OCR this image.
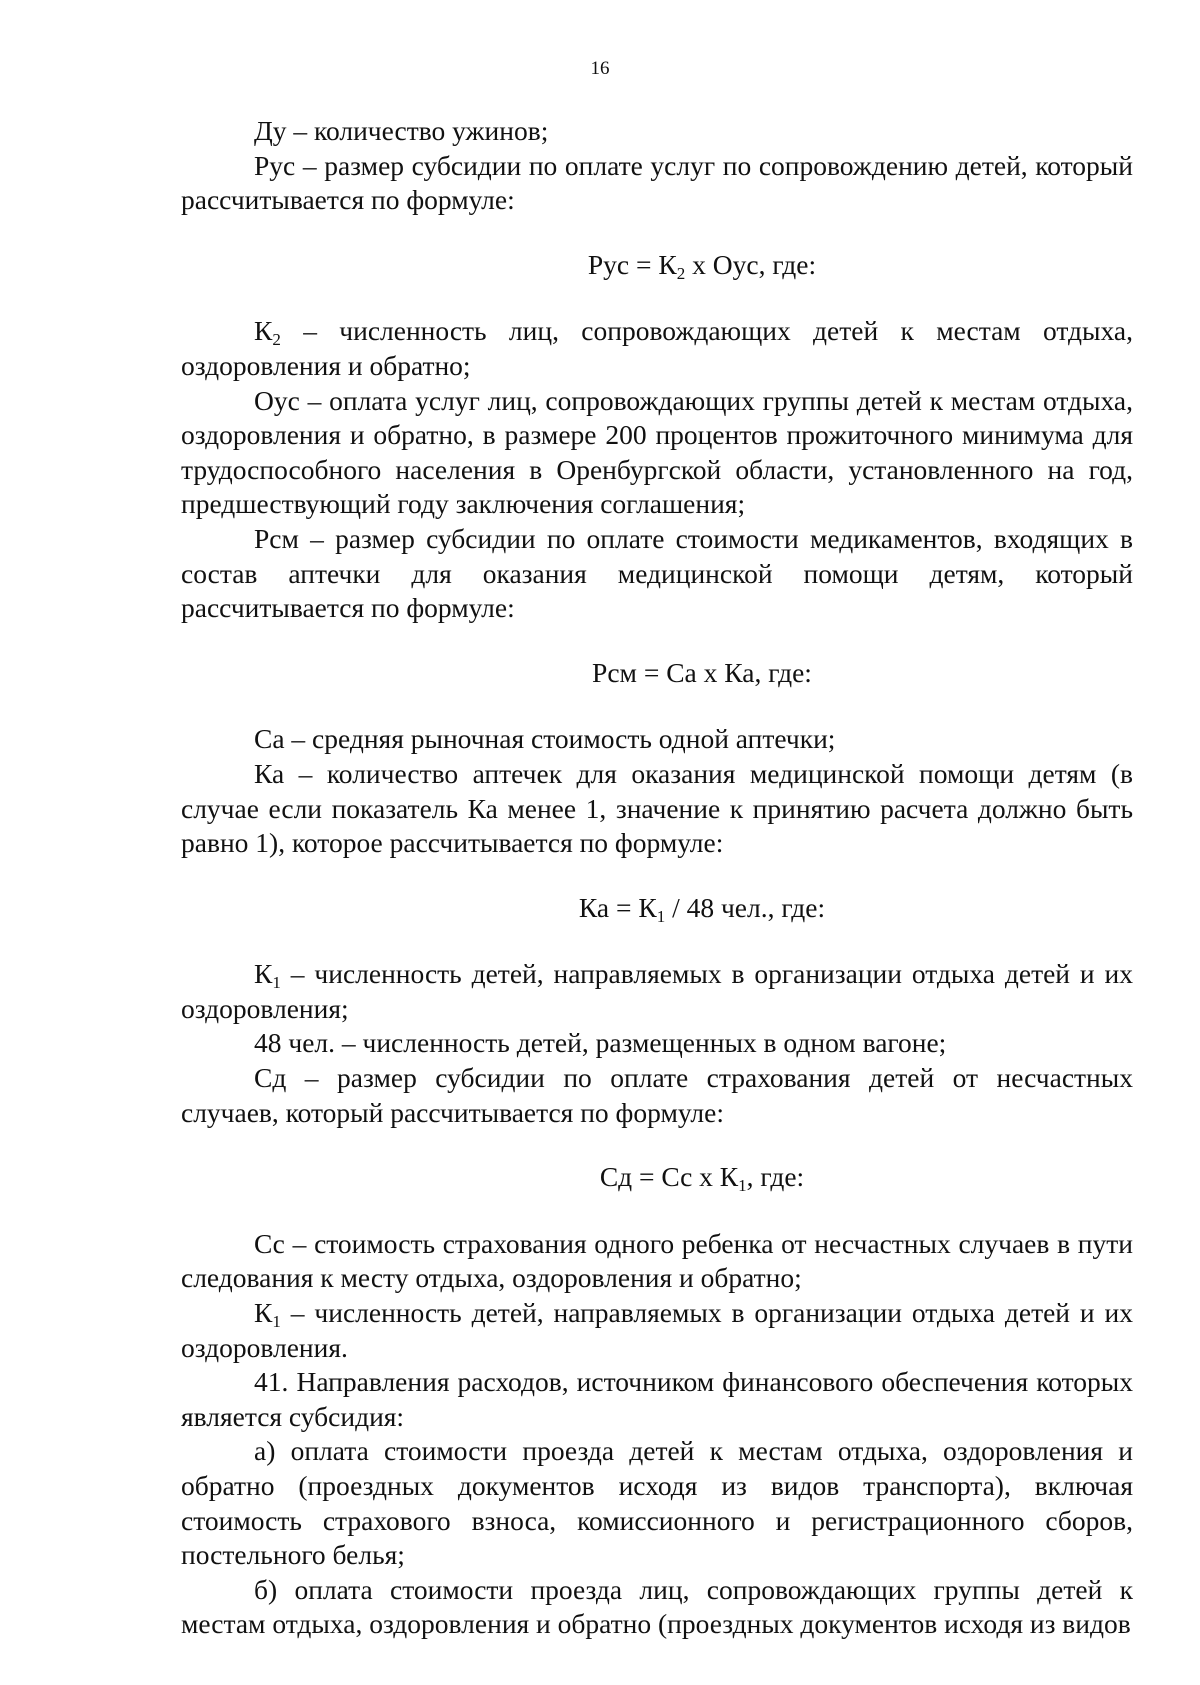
16

Ду – количество ужинов;

Рус – размер субсидии по оплате услуг по сопровождению детей, который рассчитывается по формуле:

Рус = $К_2$ х Оус, где:

$К_2$ – численность лиц, сопровождающих детей к местам отдыха, оздоровления и обратно;

Оус – оплата услуг лиц, сопровождающих группы детей к местам отдыха, оздоровления и обратно, в размере 200 процентов прожиточного минимума для трудоспособного населения в Оренбургской области, установленного на год, предшествующий году заключения соглашения;

Рсм – размер субсидии по оплате стоимости медикаментов, входящих в состав аптечки для оказания медицинской помощи детям, который рассчитывается по формуле:

Рсм = Са х Ка, где:

Са – средняя рыночная стоимость одной аптечки;

Ка – количество аптечек для оказания медицинской помощи детям (в случае если показатель Ка менее 1, значение к принятию расчета должно быть равно 1), которое рассчитывается по формуле:

Ка = $К_1 / 48$ чел., где:

$К_1$ – численность детей, направляемых в организации отдыха детей и их оздоровления;

48 чел. – численность детей, размещенных в одном вагоне;

Сд – размер субсидии по оплате страхования детей от несчастных случаев, который рассчитывается по формуле:

Сд = Сс х $К_1$, где:

Сс – стоимость страхования одного ребенка от несчастных случаев в пути следования к месту отдыха, оздоровления и обратно;

$К_1$ – численность детей, направляемых в организации отдыха детей и их оздоровления.

41. Направления расходов, источником финансового обеспечения которых является субсидия:

а) оплата стоимости проезда детей к местам отдыха, оздоровления и обратно (проездных документов исходя из видов транспорта), включая стоимость страхового взноса, комиссионного и регистрационного сборов, постельного белья;

б) оплата стоимости проезда лиц, сопровождающих группы детей к местам отдыха, оздоровления и обратно (проездных документов исходя из видов
